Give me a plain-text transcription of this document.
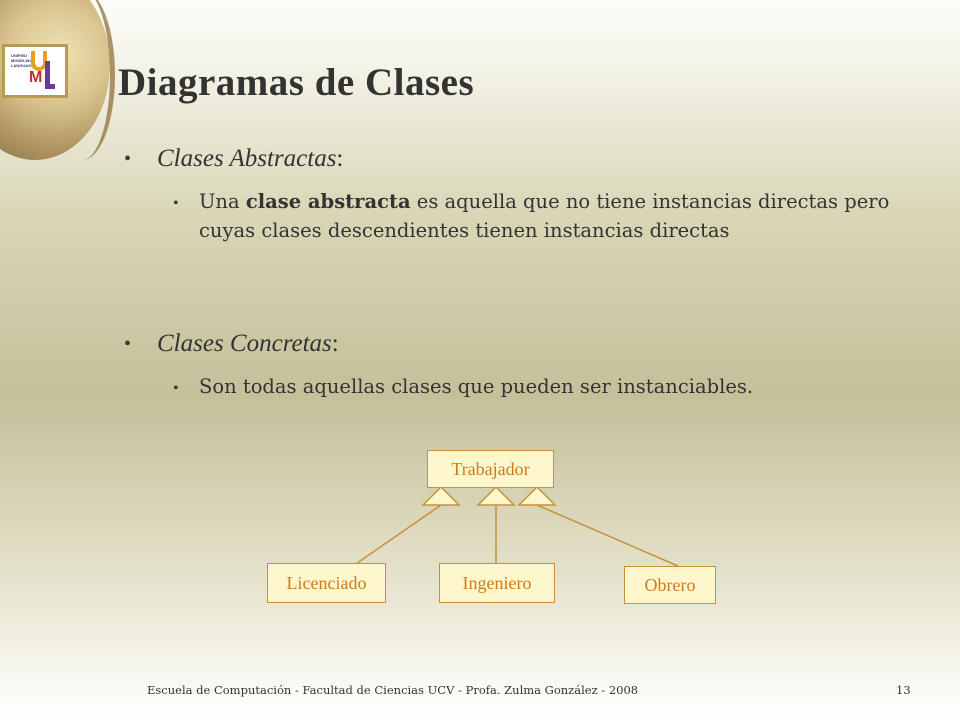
UNIFIED
MODELING
LANGUAGE
M Diagramas de Clases
• Clases Abstractas:
• Una clase abstracta es aquella que no tiene instancias directas pero cuyas clases descendientes tienen instancias directas
• Clases Concretas:
• Son todas aquellas clases que pueden ser instanciables.
Trabajador
Licenciado	Ingeniero	Obrero
Escuela de Computación - Facultad de Ciencias UCV - Profa. Zulma González - 2008	13
